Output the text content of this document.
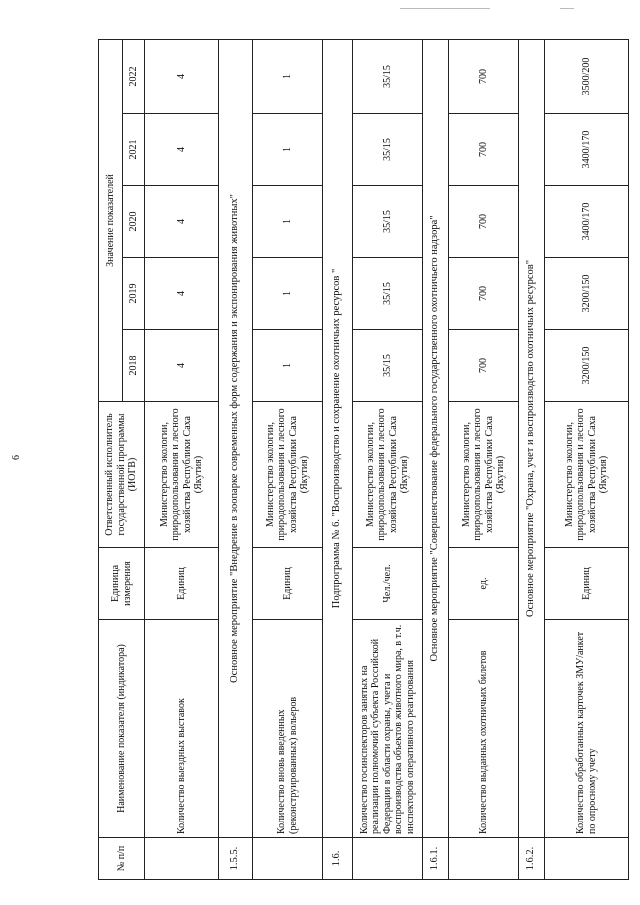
6
№ п/п	Наименование показателя (индикатора)	Единица измерения	Ответственный исполнитель государственной программы (ИОГВ)	Значение показателей				
				2018	2019	2020	2021	2022
	Количество выездных выставок	Единиц	Министерство экологии, природопользования и лесного хозяйства Республики Саха (Якутия)	4	4	4	4	4
1.5.5.	Основное мероприятие "Внедрение в зоопарке современных форм содержания и экспонирования животных"							
	Количество вновь введенных (реконструированных) вольеров	Единиц	Министерство экологии, природопользования и лесного хозяйства Республики Саха (Якутия)	1	1	1	1	1
1.6.	Подпрограмма № 6. "Воспроизводство и сохранение охотничьих ресурсов "							
	Количество госинспекторов занятых на реализации полномочий субъекта Российской Федерации в области охраны, учета и воспроизводства объектов животного мира, в т.ч. инспекторов оперативного реагирования	Чел./чел.	Министерство экологии, природопользования и лесного хозяйства Республики Саха (Якутия)	35/15	35/15	35/15	35/15	35/15
1.6.1.	Основное мероприятие "Совершенствование федерального государственного охотничьего надзора"							
	Количество выданных охотничьих билетов	ед.	Министерство экологии, природопользования и лесного хозяйства Республики Саха (Якутия)	700	700	700	700	700
1.6.2.	Основное мероприятие "Охрана, учет и воспроизводство охотничьих ресурсов"							
	Количество обработанных карточек ЗМУ/анкет по опросному учету	Единиц	Министерство экологии, природопользования и лесного хозяйства Республики Саха (Якутия)	3200/150	3200/150	3400/170	3400/170	3500/200
